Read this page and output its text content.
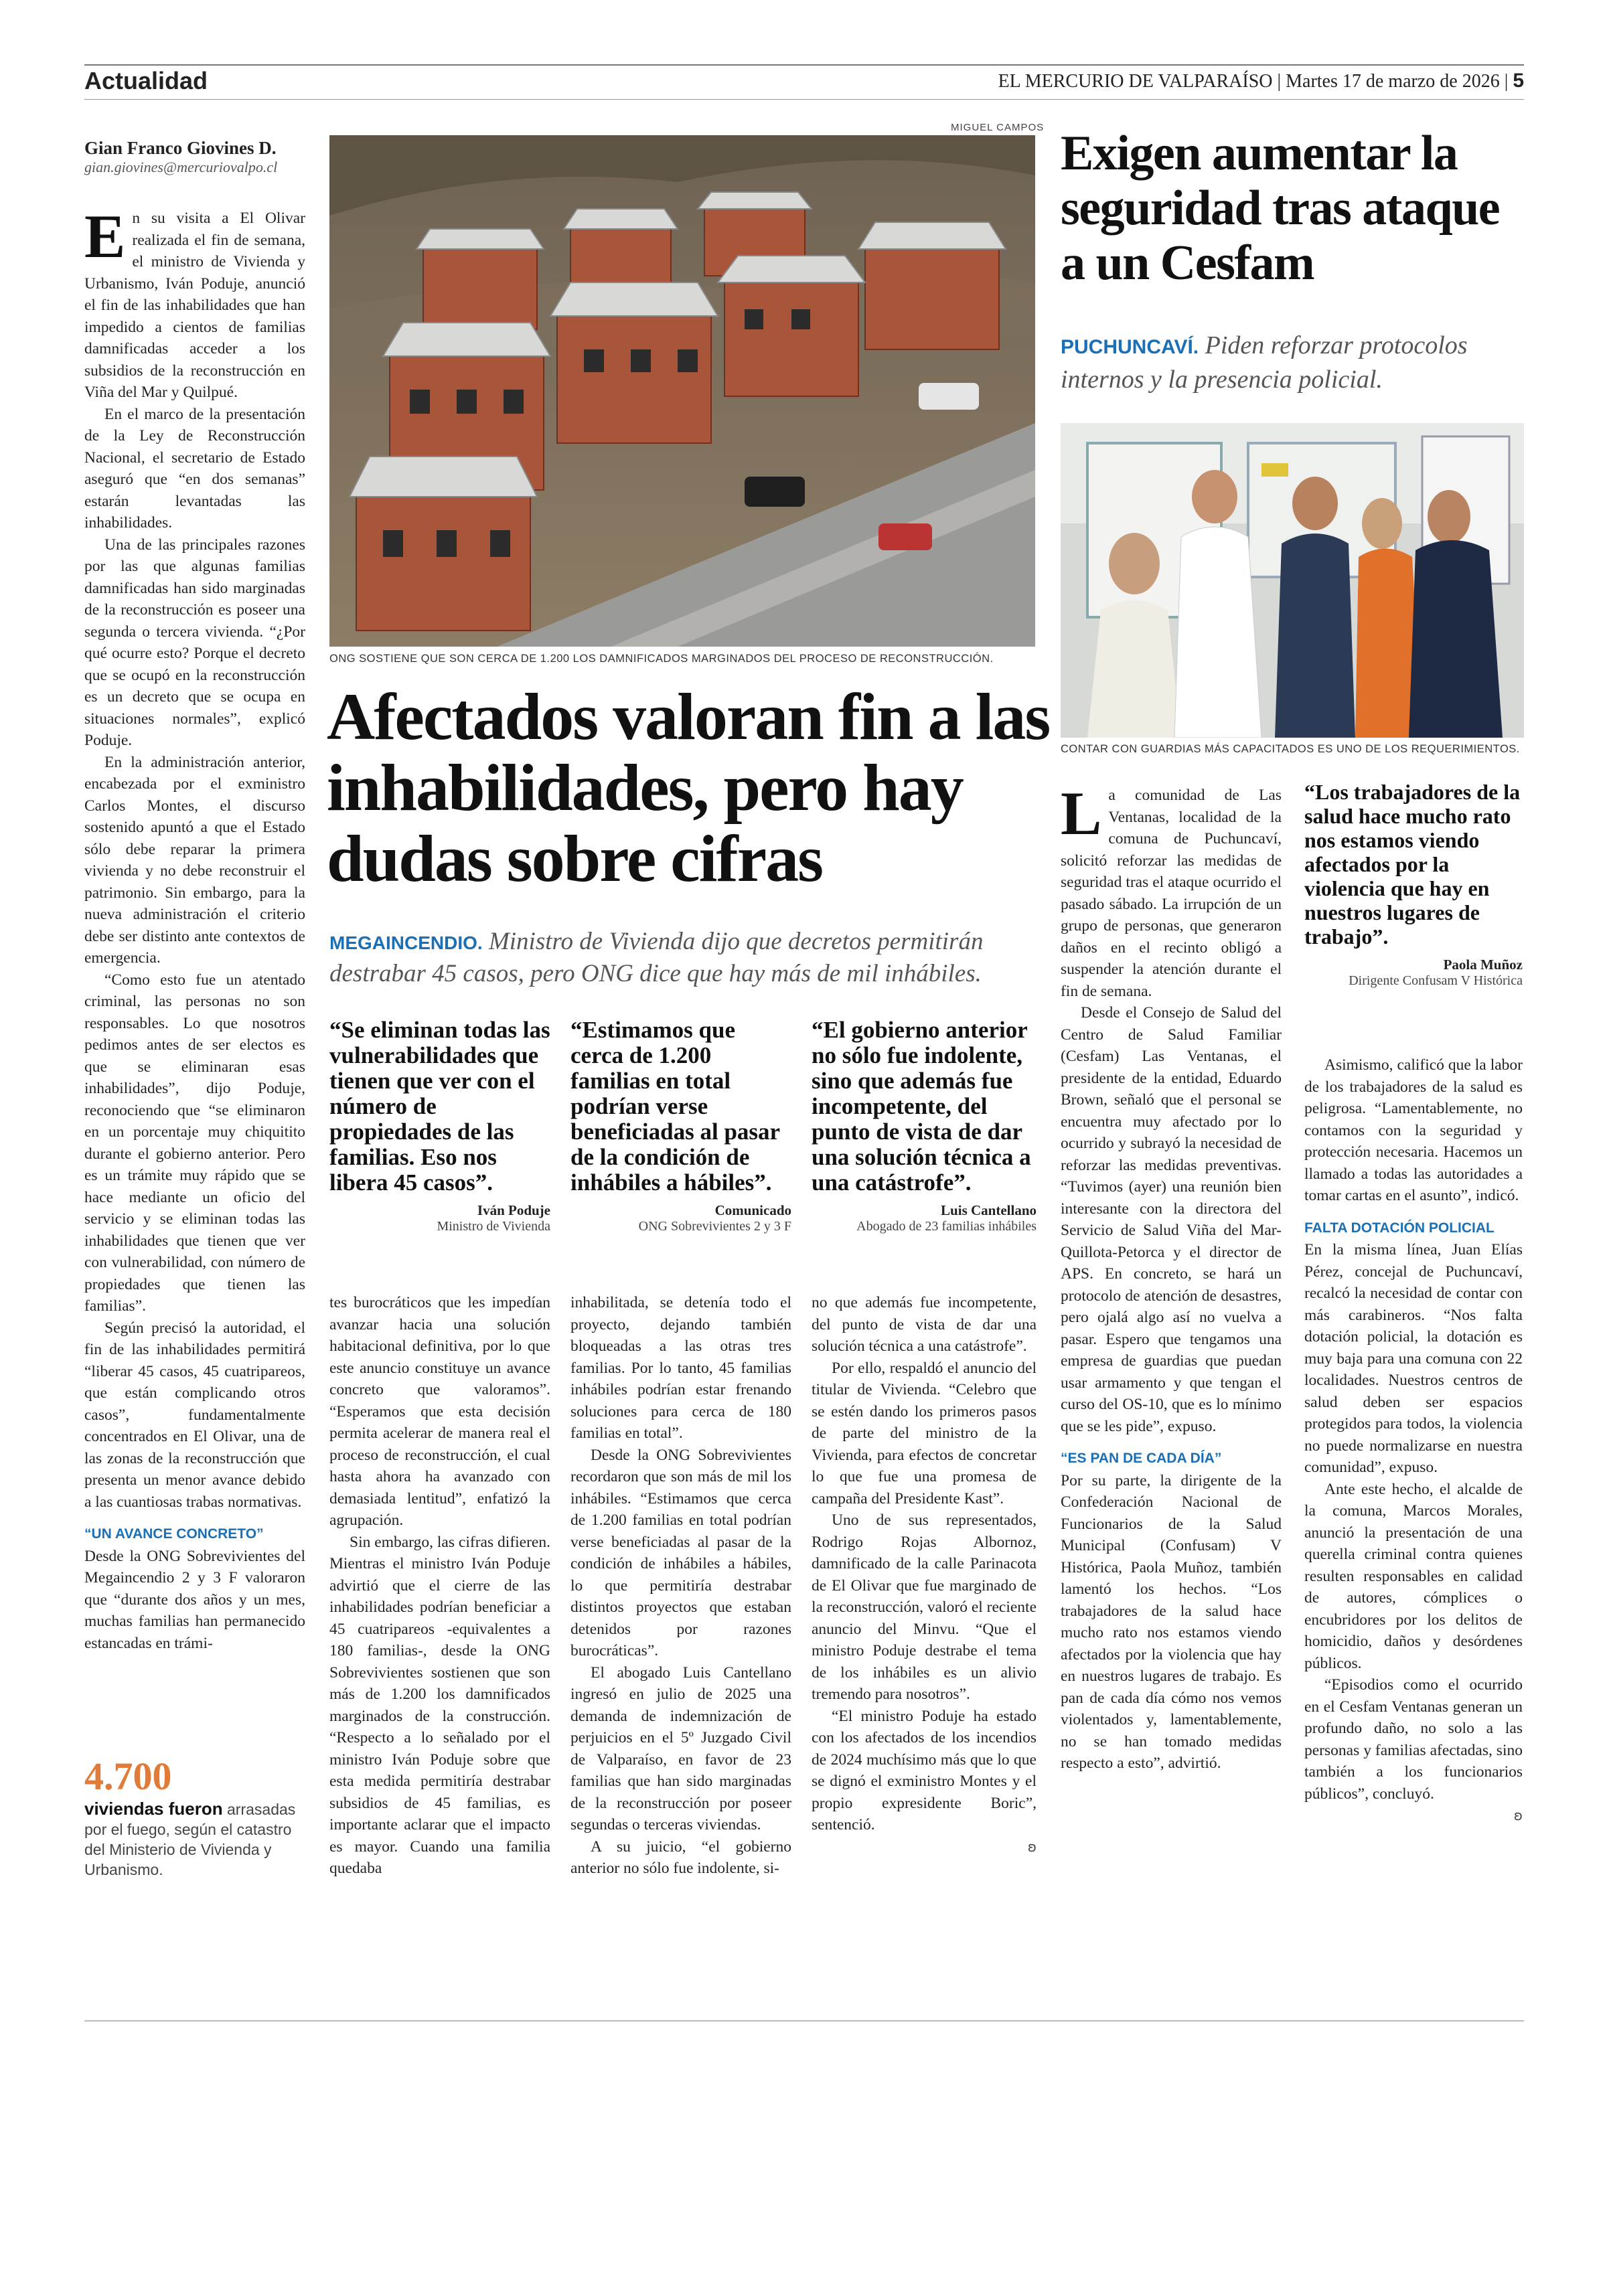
Actualidad	EL MERCURIO DE VALPARAÍSO | Martes 17 de marzo de 2026 | 5
Gian Franco Giovines D.
gian.giovines@mercuriovalpo.cl

En su visita a El Olivar realizada el fin de semana, el ministro de Vivienda y Urbanismo, Iván Poduje, anunció el fin de las inhabilidades que han impedido a cientos de familias damnificadas acceder a los subsidios de la reconstrucción en Viña del Mar y Quilpué.

En el marco de la presentación de la Ley de Reconstrucción Nacional, el secretario de Estado aseguró que “en dos semanas” estarán levantadas las inhabilidades.

Una de las principales razones por las que algunas familias damnificadas han sido marginadas de la reconstrucción es poseer una segunda o tercera vivienda. “¿Por qué ocurre esto? Porque el decreto que se ocupó en la reconstrucción es un decreto que se ocupa en situaciones normales”, explicó Poduje.

En la administración anterior, encabezada por el exministro Carlos Montes, el discurso sostenido apuntó a que el Estado sólo debe reparar la primera vivienda y no debe reconstruir el patrimonio. Sin embargo, para la nueva administración el criterio debe ser distinto ante contextos de emergencia.

“Como esto fue un atentado criminal, las personas no son responsables. Lo que nosotros pedimos antes de ser electos es que se eliminaran esas inhabilidades”, dijo Poduje, reconociendo que “se eliminaron en un porcentaje muy chiquitito durante el gobierno anterior. Pero es un trámite muy rápido que se hace mediante un oficio del servicio y se eliminan todas las inhabilidades que tienen que ver con vulnerabilidad, con número de propiedades que tienen las familias”.

Según precisó la autoridad, el fin de las inhabilidades permitirá “liberar 45 casos, 45 cuatripareos, que están complicando otros casos”, fundamentalmente concentrados en El Olivar, una de las zonas de la reconstrucción que presenta un menor avance debido a las cuantiosas trabas normativas.

“UN AVANCE CONCRETO”

Desde la ONG Sobrevivientes del Megaincendio 2 y 3 F valoraron que “durante dos años y un mes, muchas familias han permanecido estancadas en trámi-

4.700
viviendas fueron arrasadas por el fuego, según el catastro del Ministerio de Vivienda y Urbanismo.
MIGUEL CAMPOS
ONG SOSTIENE QUE SON CERCA DE 1.200 LOS DAMNIFICADOS MARGINADOS DEL PROCESO DE RECONSTRUCCIÓN.
Afectados valoran fin a las inhabilidades, pero hay dudas sobre cifras
MEGAINCENDIO. Ministro de Vivienda dijo que decretos permitirán destrabar 45 casos, pero ONG dice que hay más de mil inhábiles.
“Se eliminan todas las vulnerabilidades que tienen que ver con el número de propiedades de las familias. Eso nos libera 45 casos”.
Iván Poduje
Ministro de Vivienda
“Estimamos que cerca de 1.200 familias en total podrían verse beneficiadas al pasar de la condición de inhábiles a hábiles”.
Comunicado
ONG Sobrevivientes 2 y 3 F
“El gobierno anterior no sólo fue indolente, sino que además fue incompetente, del punto de vista de dar una solución técnica a una catástrofe”.
Luis Cantellano
Abogado de 23 familias inhábiles

tes burocráticos que les impedían avanzar hacia una solución habitacional definitiva, por lo que este anuncio constituye un avance concreto que valoramos”. “Esperamos que esta decisión permita acelerar de manera real el proceso de reconstrucción, el cual hasta ahora ha avanzado con demasiada lentitud”, enfatizó la agrupación.

Sin embargo, las cifras difieren. Mientras el ministro Iván Poduje advirtió que el cierre de las inhabilidades podrían beneficiar a 45 cuatripareos -equivalentes a 180 familias-, desde la ONG Sobrevivientes sostienen que son más de 1.200 los damnificados marginados de la construcción. “Respecto a lo señalado por el ministro Iván Poduje sobre que esta medida permitiría destrabar subsidios de 45 familias, es importante aclarar que el impacto es mayor. Cuando una familia quedaba

inhabilitada, se detenía todo el proyecto, dejando también bloqueadas a las otras tres familias. Por lo tanto, 45 familias inhábiles podrían estar frenando soluciones para cerca de 180 familias en total”.

Desde la ONG Sobrevivientes recordaron que son más de mil los inhábiles. “Estimamos que cerca de 1.200 familias en total podrían verse beneficiadas al pasar de la condición de inhábiles a hábiles, lo que permitiría destrabar distintos proyectos que estaban detenidos por razones burocráticas”.

El abogado Luis Cantellano ingresó en julio de 2025 una demanda de indemnización de perjuicios en el 5º Juzgado Civil de Valparaíso, en favor de 23 familias que han sido marginadas de la reconstrucción por poseer segundas o terceras viviendas.

A su juicio, “el gobierno anterior no sólo fue indolente, si-

no que además fue incompetente, del punto de vista de dar una solución técnica a una catástrofe”.

Por ello, respaldó el anuncio del titular de Vivienda. “Celebro que se estén dando los primeros pasos de parte del ministro de la Vivienda, para efectos de concretar lo que fue una promesa de campaña del Presidente Kast”.

Uno de sus representados, Rodrigo Rojas Albornoz, damnificado de la calle Parinacota de El Olivar que fue marginado de la reconstrucción, valoró el reciente anuncio del Minvu. “Que el ministro Poduje destrabe el tema de los inhábiles es un alivio tremendo para nosotros”.

“El ministro Poduje ha estado con los afectados de los incendios de 2024 muchísimo más que lo que se dignó el exministro Montes y el propio expresidente Boric”, sentenció.

ʚ
Exigen aumentar la seguridad tras ataque a un Cesfam
PUCHUNCAVÍ. Piden reforzar protocolos internos y la presencia policial.
CONTAR CON GUARDIAS MÁS CAPACITADOS ES UNO DE LOS REQUERIMIENTOS.

La comunidad de Las Ventanas, localidad de la comuna de Puchuncaví, solicitó reforzar las medidas de seguridad tras el ataque ocurrido el pasado sábado. La irrupción de un grupo de personas, que generaron daños en el recinto obligó a suspender la atención durante el fin de semana.

Desde el Consejo de Salud del Centro de Salud Familiar (Cesfam) Las Ventanas, el presidente de la entidad, Eduardo Brown, señaló que el personal se encuentra muy afectado por lo ocurrido y subrayó la necesidad de reforzar las medidas preventivas. “Tuvimos (ayer) una reunión bien interesante con la directora del Servicio de Salud Viña del Mar-Quillota-Petorca y el director de APS. En concreto, se hará un protocolo de atención de desastres, pero ojalá algo así no vuelva a pasar. Espero que tengamos una empresa de guardias que puedan usar armamento y que tengan el curso del OS-10, que es lo mínimo que se les pide”, expuso.

“ES PAN DE CADA DÍA”

Por su parte, la dirigente de la Confederación Nacional de Funcionarios de la Salud Municipal (Confusam) V Histórica, Paola Muñoz, también lamentó los hechos. “Los trabajadores de la salud hace mucho rato nos estamos viendo afectados por la violencia que hay en nuestros lugares de trabajo. Es pan de cada día cómo nos vemos violentados y, lamentablemente, no se han tomado medidas respecto a esto”, advirtió.

“Los trabajadores de la salud hace mucho rato nos estamos viendo afectados por la violencia que hay en nuestros lugares de trabajo”.
Paola Muñoz
Dirigente Confusam V Histórica

Asimismo, calificó que la labor de los trabajadores de la salud es peligrosa. “Lamentablemente, no contamos con la seguridad y protección necesaria. Hacemos un llamado a todas las autoridades a tomar cartas en el asunto”, indicó.

FALTA DOTACIÓN POLICIAL

En la misma línea, Juan Elías Pérez, concejal de Puchuncaví, recalcó la necesidad de contar con más carabineros. “Nos falta dotación policial, la dotación es muy baja para una comuna con 22 localidades. Nuestros centros de salud deben ser espacios protegidos para todos, la violencia no puede normalizarse en nuestra comunidad”, expuso.

Ante este hecho, el alcalde de la comuna, Marcos Morales, anunció la presentación de una querella criminal contra quienes resulten responsables en calidad de autores, cómplices o encubridores por los delitos de homicidio, daños y desórdenes públicos.

“Episodios como el ocurrido en el Cesfam Ventanas generan un profundo daño, no solo a las personas y familias afectadas, sino también a los funcionarios públicos”, concluyó.

ʚ
